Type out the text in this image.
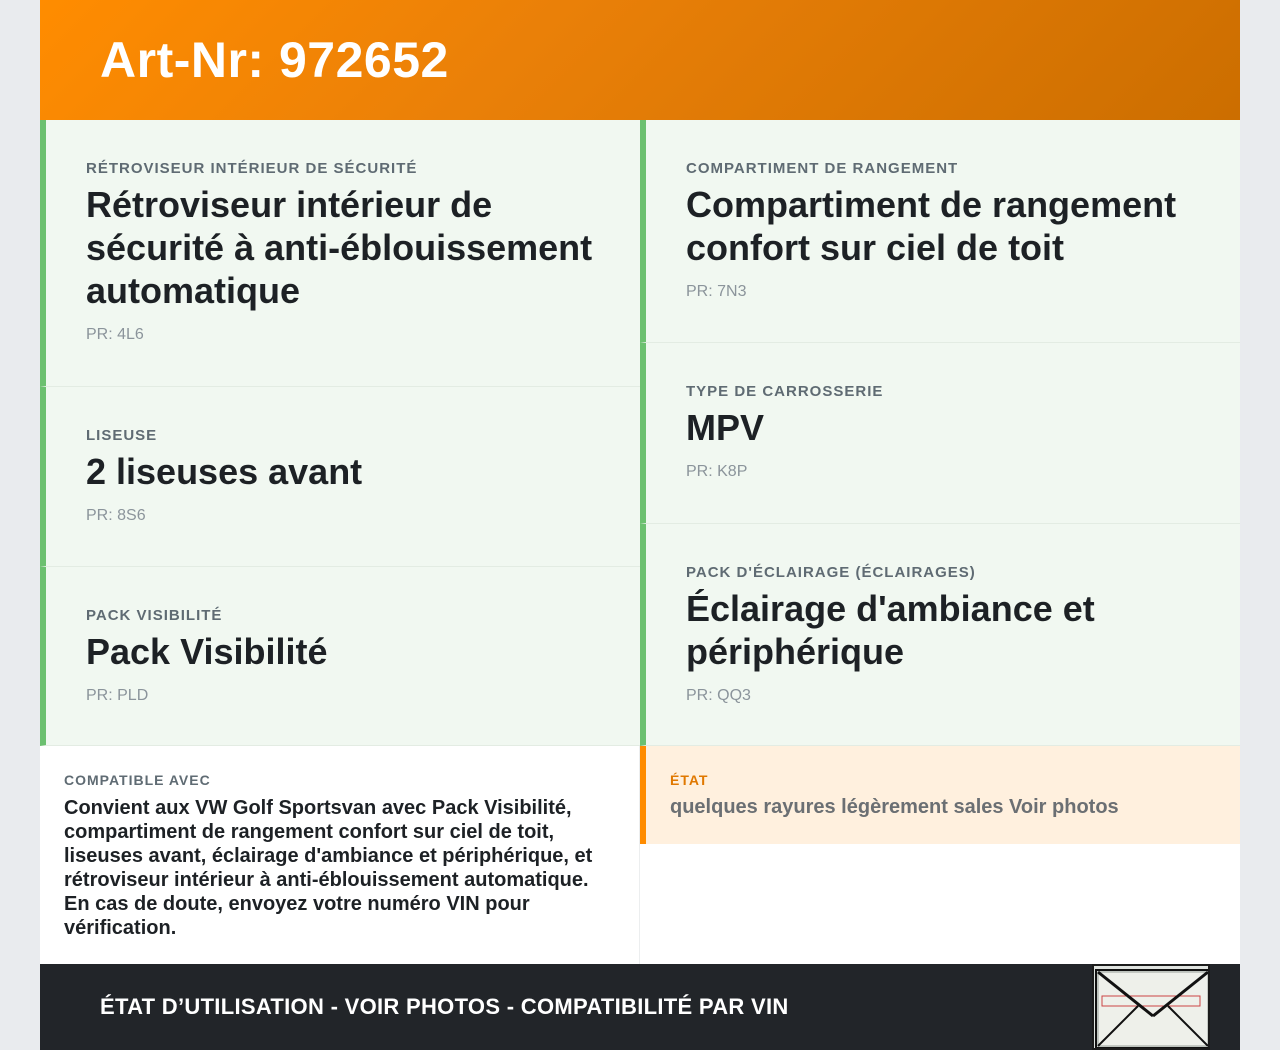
Art-Nr: 972652
RÉTROVISEUR INTÉRIEUR DE SÉCURITÉ
Rétroviseur intérieur de sécurité à anti-éblouissement automatique
PR: 4L6
LISEUSE
2 liseuses avant
PR: 8S6
PACK VISIBILITÉ
Pack Visibilité
PR: PLD
COMPARTIMENT DE RANGEMENT
Compartiment de rangement confort sur ciel de toit
PR: 7N3
TYPE DE CARROSSERIE
MPV
PR: K8P
PACK D'ÉCLAIRAGE (ÉCLAIRAGES)
Éclairage d'ambiance et périphérique
PR: QQ3
COMPATIBLE AVEC
Convient aux VW Golf Sportsvan avec Pack Visibilité, compartiment de rangement confort sur ciel de toit, liseuses avant, éclairage d'ambiance et périphérique, et rétroviseur intérieur à anti-éblouissement automatique. En cas de doute, envoyez votre numéro VIN pour vérification.
ÉTAT
quelques rayures légèrement sales Voir photos
ÉTAT D’UTILISATION - VOIR PHOTOS - COMPATIBILITÉ PAR VIN
